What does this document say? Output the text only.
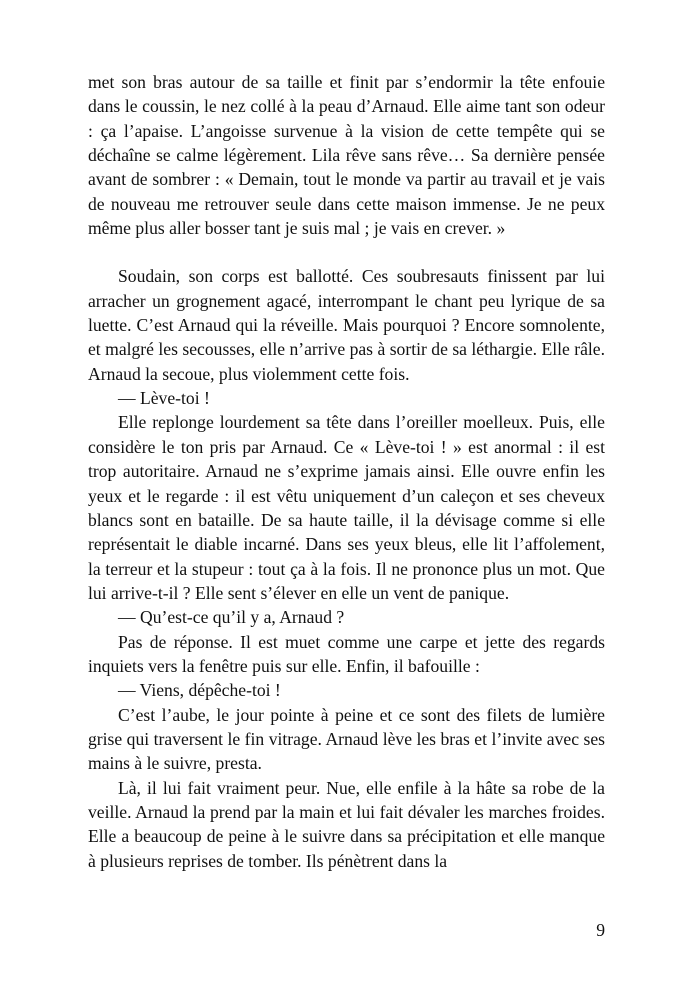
met son bras autour de sa taille et finit par s’endormir la tête enfouie dans le coussin, le nez collé à la peau d’Arnaud. Elle aime tant son odeur : ça l’apaise. L’angoisse survenue à la vision de cette tempête qui se déchaîne se calme légèrement. Lila rêve sans rêve… Sa dernière pensée avant de sombrer : « Demain, tout le monde va partir au travail et je vais de nouveau me retrouver seule dans cette maison immense. Je ne peux même plus aller bosser tant je suis mal ; je vais en crever. »

Soudain, son corps est ballotté. Ces soubresauts finissent par lui arracher un grognement agacé, interrompant le chant peu lyrique de sa luette. C’est Arnaud qui la réveille. Mais pourquoi ? Encore somnolente, et malgré les secousses, elle n’arrive pas à sortir de sa léthargie. Elle râle. Arnaud la secoue, plus violemment cette fois.

— Lève-toi !

Elle replonge lourdement sa tête dans l’oreiller moelleux. Puis, elle considère le ton pris par Arnaud. Ce « Lève-toi ! » est anormal : il est trop autoritaire. Arnaud ne s’exprime jamais ainsi. Elle ouvre enfin les yeux et le regarde : il est vêtu uniquement d’un caleçon et ses cheveux blancs sont en bataille. De sa haute taille, il la dévisage comme si elle représentait le diable incarné. Dans ses yeux bleus, elle lit l’affolement, la terreur et la stupeur : tout ça à la fois. Il ne prononce plus un mot. Que lui arrive-t-il ? Elle sent s’élever en elle un vent de panique.

— Qu’est-ce qu’il y a, Arnaud ?

Pas de réponse. Il est muet comme une carpe et jette des regards inquiets vers la fenêtre puis sur elle. Enfin, il bafouille :

— Viens, dépêche-toi !

C’est l’aube, le jour pointe à peine et ce sont des filets de lumière grise qui traversent le fin vitrage. Arnaud lève les bras et l’invite avec ses mains à le suivre, presta.

Là, il lui fait vraiment peur. Nue, elle enfile à la hâte sa robe de la veille. Arnaud la prend par la main et lui fait dévaler les marches froides. Elle a beaucoup de peine à le suivre dans sa précipitation et elle manque à plusieurs reprises de tomber. Ils pénètrent dans la

9
